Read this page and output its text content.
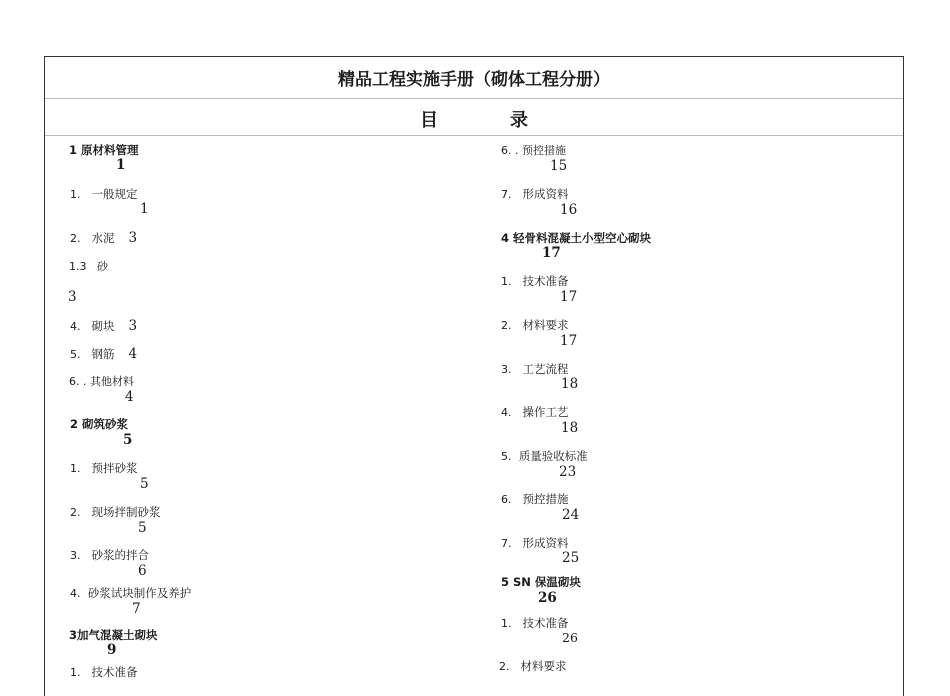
精品工程实施手册（砌体工程分册）
目	录
1 原材料管理
1
1. 一般规定
1
2. 水泥 3
1.3 砂
3
4. 砌块 3
5. 钢筋 4
6. . 其他材料
4
2 砌筑砂浆
5
1. 预拌砂浆
5
2. 现场拌制砂浆
5
3. 砂浆的拌合
6
4. 砂浆试块制作及养护
7
3加气混凝土砌块
9
1. 技术准备
6. . 预控措施
15
7. 形成资料
16
4 轻骨料混凝土小型空心砌块
17
1. 技术准备
17
2. 材料要求
17
3. 工艺流程
18
4. 操作工艺
18
5. 质量验收标准
23
6. 预控措施
24
7. 形成资料
25
5 SN 保温砌块
26
1. 技术准备
26
2. 材料要求
